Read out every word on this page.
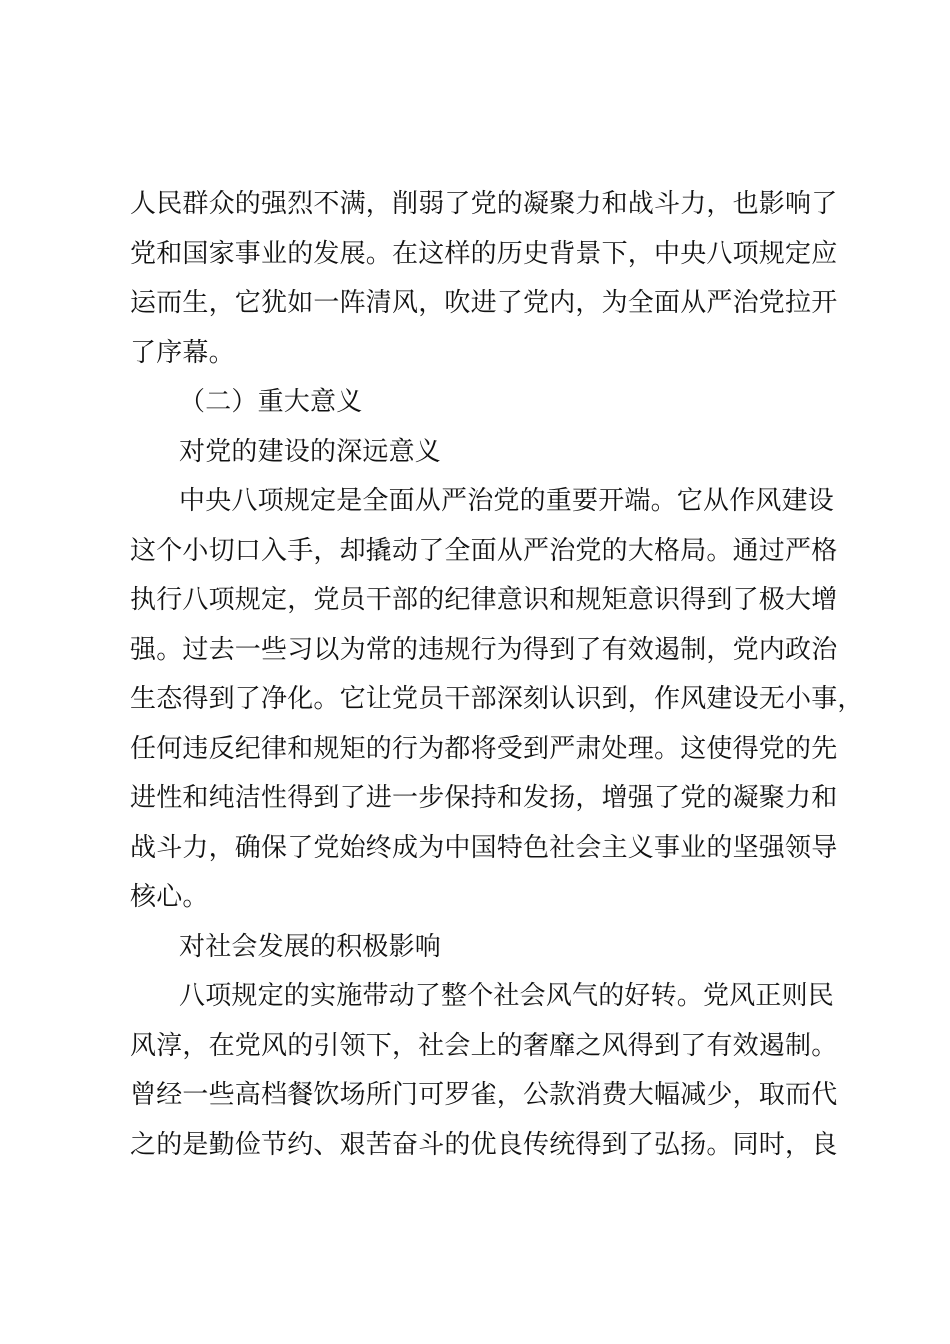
人民群众的强烈不满，削弱了党的凝聚力和战斗力，也影响了
党和国家事业的发展。在这样的历史背景下，中央八项规定应
运而生，它犹如一阵清风，吹进了党内，为全面从严治党拉开
了序幕。
（二）重大意义
对党的建设的深远意义
中央八项规定是全面从严治党的重要开端。它从作风建设
这个小切口入手，却撬动了全面从严治党的大格局。通过严格
执行八项规定，党员干部的纪律意识和规矩意识得到了极大增
强。过去一些习以为常的违规行为得到了有效遏制，党内政治
生态得到了净化。它让党员干部深刻认识到，作风建设无小事，
任何违反纪律和规矩的行为都将受到严肃处理。这使得党的先
进性和纯洁性得到了进一步保持和发扬，增强了党的凝聚力和
战斗力，确保了党始终成为中国特色社会主义事业的坚强领导
核心。
对社会发展的积极影响
八项规定的实施带动了整个社会风气的好转。党风正则民
风淳，在党风的引领下，社会上的奢靡之风得到了有效遏制。
曾经一些高档餐饮场所门可罗雀，公款消费大幅减少，取而代
之的是勤俭节约、艰苦奋斗的优良传统得到了弘扬。同时，良
